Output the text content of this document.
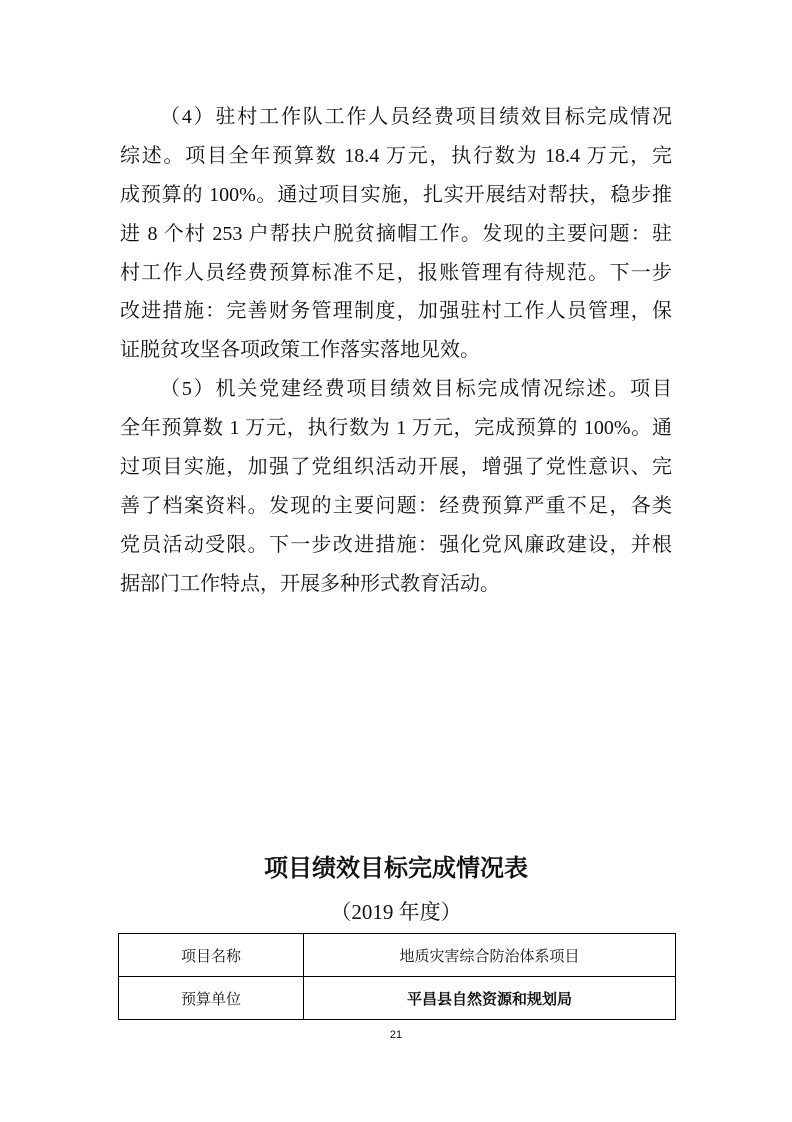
（4）驻村工作队工作人员经费项目绩效目标完成情况
综述。项目全年预算数 18.4 万元，执行数为 18.4 万元，完
成预算的 100%。通过项目实施，扎实开展结对帮扶，稳步推
进 8 个村 253 户帮扶户脱贫摘帽工作。发现的主要问题：驻
村工作人员经费预算标准不足，报账管理有待规范。下一步
改进措施：完善财务管理制度，加强驻村工作人员管理，保
证脱贫攻坚各项政策工作落实落地见效。
（5）机关党建经费项目绩效目标完成情况综述。项目
全年预算数 1 万元，执行数为 1 万元，完成预算的 100%。通
过项目实施，加强了党组织活动开展，增强了党性意识、完
善了档案资料。发现的主要问题：经费预算严重不足，各类
党员活动受限。下一步改进措施：强化党风廉政建设，并根
据部门工作特点，开展多种形式教育活动。
项目绩效目标完成情况表
（2019 年度）
项目名称	地质灾害综合防治体系项目
预算单位	平昌县自然资源和规划局
21
